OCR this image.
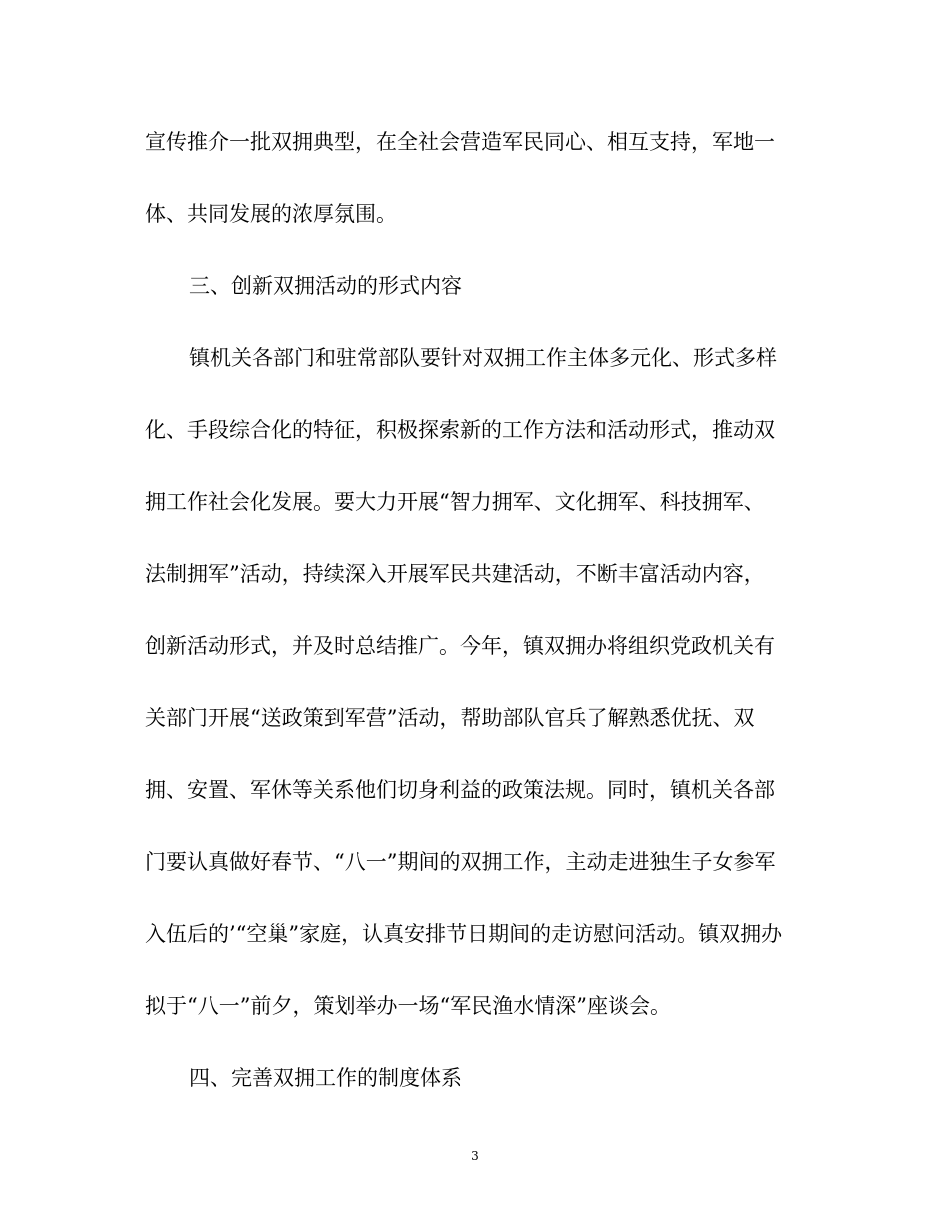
宣传推介一批双拥典型，在全社会营造军民同心、相互支持，军地一
体、共同发展的浓厚氛围。
三、创新双拥活动的形式内容
镇机关各部门和驻常部队要针对双拥工作主体多元化、形式多样
化、手段综合化的特征，积极探索新的工作方法和活动形式，推动双
拥工作社会化发展。要大力开展“智力拥军、文化拥军、科技拥军、
法制拥军”活动，持续深入开展军民共建活动，不断丰富活动内容，
创新活动形式，并及时总结推广。今年，镇双拥办将组织党政机关有
关部门开展“送政策到军营”活动，帮助部队官兵了解熟悉优抚、双
拥、安置、军休等关系他们切身利益的政策法规。同时，镇机关各部
门要认真做好春节、“八一”期间的双拥工作，主动走进独生子女参军
入伍后的’“空巢”家庭，认真安排节日期间的走访慰问活动。镇双拥办
拟于“八一”前夕，策划举办一场“军民渔水情深”座谈会。
四、完善双拥工作的制度体系
3
